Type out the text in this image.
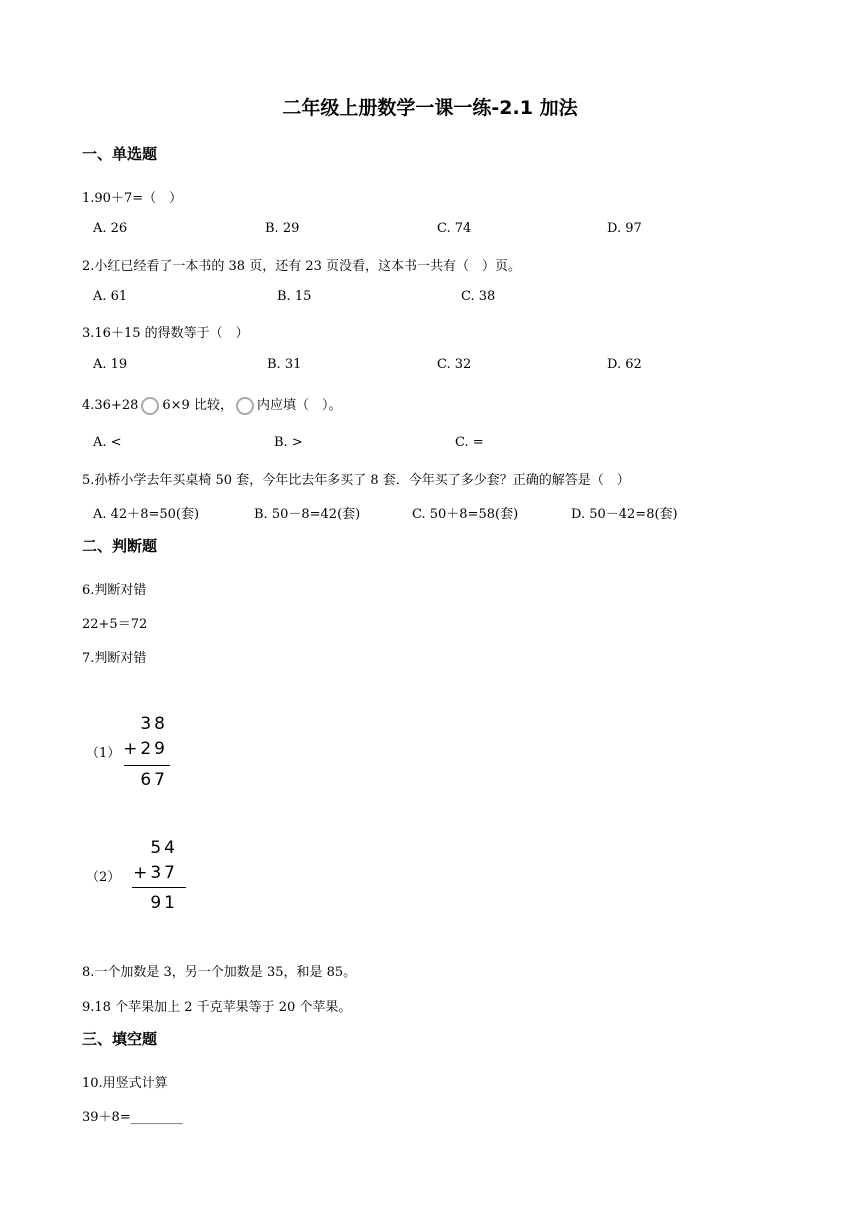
二年级上册数学一课一练-2.1 加法
一、单选题
1.90＋7=（　）
A. 26	B. 29	C. 74	D. 97
2.小红已经看了一本书的 38 页，还有 23 页没看，这本书一共有（　）页。
A. 61	B. 15	C. 38
3.16＋15 的得数等于（　）
A. 19	B. 31	C. 32	D. 62
4.36+28 6×9 比较， 内应填（　）。
A. <	B. >	C. =
5.孙桥小学去年买桌椅 50 套，今年比去年多买了 8 套．今年买了多少套？正确的解答是（　）
A. 42＋8=50(套)	B. 50－8=42(套)	C. 50＋8=58(套)	D. 50－42=8(套)
二、判断题
6.判断对错
22+5＝72
7.判断对错
（1）
38
+29
67
（2）
54
+37
91
8.一个加数是 3，另一个加数是 35，和是 85。
9.18 个苹果加上 2 千克苹果等于 20 个苹果。
三、填空题
10.用竖式计算
39＋8=________
